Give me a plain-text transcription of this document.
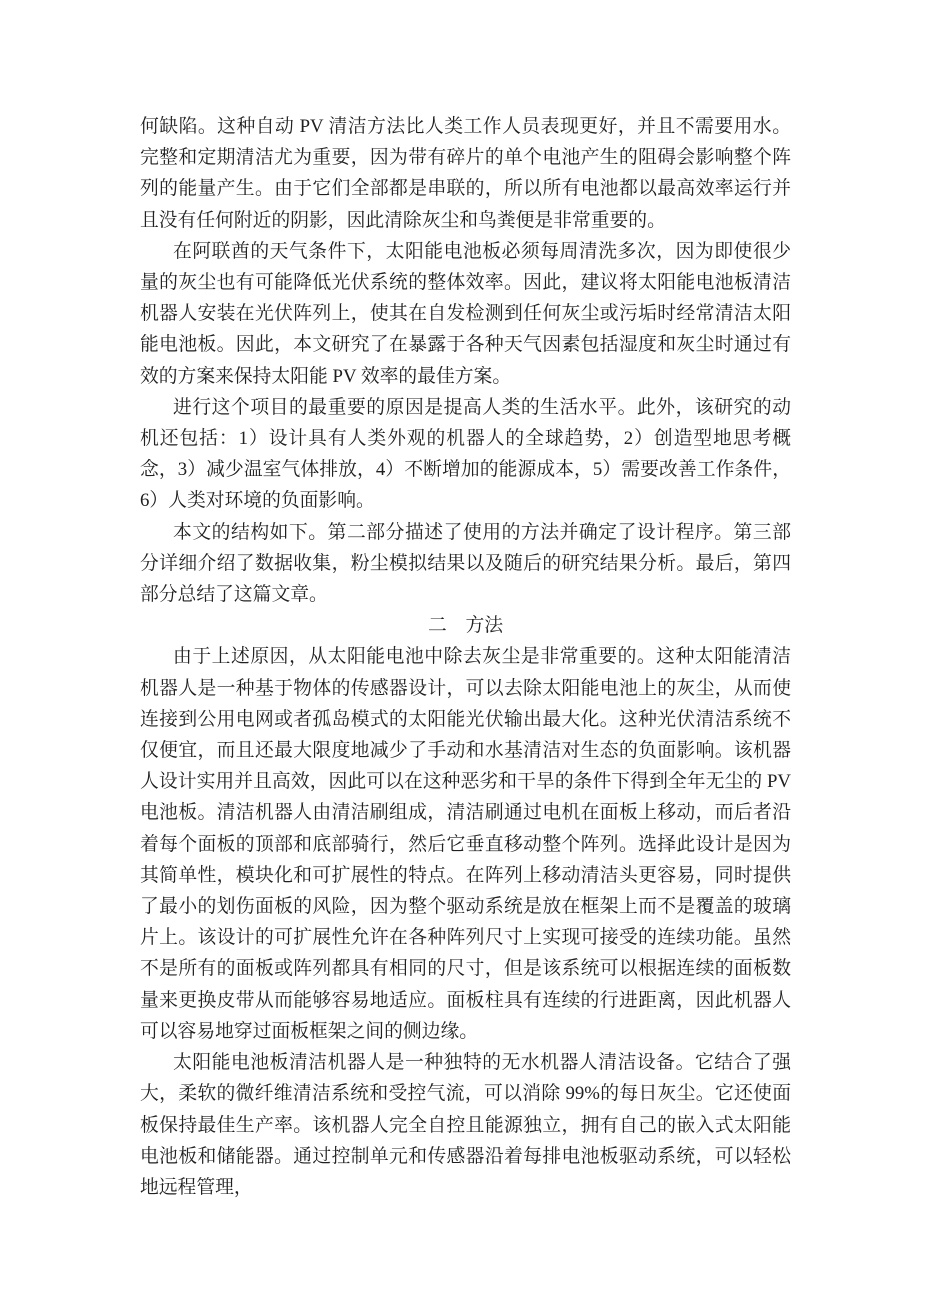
何缺陷。这种自动 PV 清洁方法比人类工作人员表现更好，并且不需要用水。完整和定期清洁尤为重要，因为带有碎片的单个电池产生的阻碍会影响整个阵列的能量产生。由于它们全部都是串联的，所以所有电池都以最高效率运行并且没有任何附近的阴影，因此清除灰尘和鸟粪便是非常重要的。

在阿联酋的天气条件下，太阳能电池板必须每周清洗多次，因为即使很少量的灰尘也有可能降低光伏系统的整体效率。因此，建议将太阳能电池板清洁机器人安装在光伏阵列上，使其在自发检测到任何灰尘或污垢时经常清洁太阳能电池板。因此，本文研究了在暴露于各种天气因素包括湿度和灰尘时通过有效的方案来保持太阳能 PV 效率的最佳方案。

进行这个项目的最重要的原因是提高人类的生活水平。此外，该研究的动机还包括：1）设计具有人类外观的机器人的全球趋势，2）创造型地思考概念，3）减少温室气体排放，4）不断增加的能源成本，5）需要改善工作条件，6）人类对环境的负面影响。

本文的结构如下。第二部分描述了使用的方法并确定了设计程序。第三部分详细介绍了数据收集，粉尘模拟结果以及随后的研究结果分析。最后，第四部分总结了这篇文章。

二　方法

由于上述原因，从太阳能电池中除去灰尘是非常重要的。这种太阳能清洁机器人是一种基于物体的传感器设计，可以去除太阳能电池上的灰尘，从而使连接到公用电网或者孤岛模式的太阳能光伏输出最大化。这种光伏清洁系统不仅便宜，而且还最大限度地减少了手动和水基清洁对生态的负面影响。该机器人设计实用并且高效，因此可以在这种恶劣和干旱的条件下得到全年无尘的 PV 电池板。清洁机器人由清洁刷组成，清洁刷通过电机在面板上移动，而后者沿着每个面板的顶部和底部骑行，然后它垂直移动整个阵列。选择此设计是因为其简单性，模块化和可扩展性的特点。在阵列上移动清洁头更容易，同时提供了最小的划伤面板的风险，因为整个驱动系统是放在框架上而不是覆盖的玻璃片上。该设计的可扩展性允许在各种阵列尺寸上实现可接受的连续功能。虽然不是所有的面板或阵列都具有相同的尺寸，但是该系统可以根据连续的面板数量来更换皮带从而能够容易地适应。面板柱具有连续的行进距离，因此机器人可以容易地穿过面板框架之间的侧边缘。

太阳能电池板清洁机器人是一种独特的无水机器人清洁设备。它结合了强大，柔软的微纤维清洁系统和受控气流，可以消除 99%的每日灰尘。它还使面板保持最佳生产率。该机器人完全自控且能源独立，拥有自己的嵌入式太阳能电池板和储能器。通过控制单元和传感器沿着每排电池板驱动系统，可以轻松地远程管理，
